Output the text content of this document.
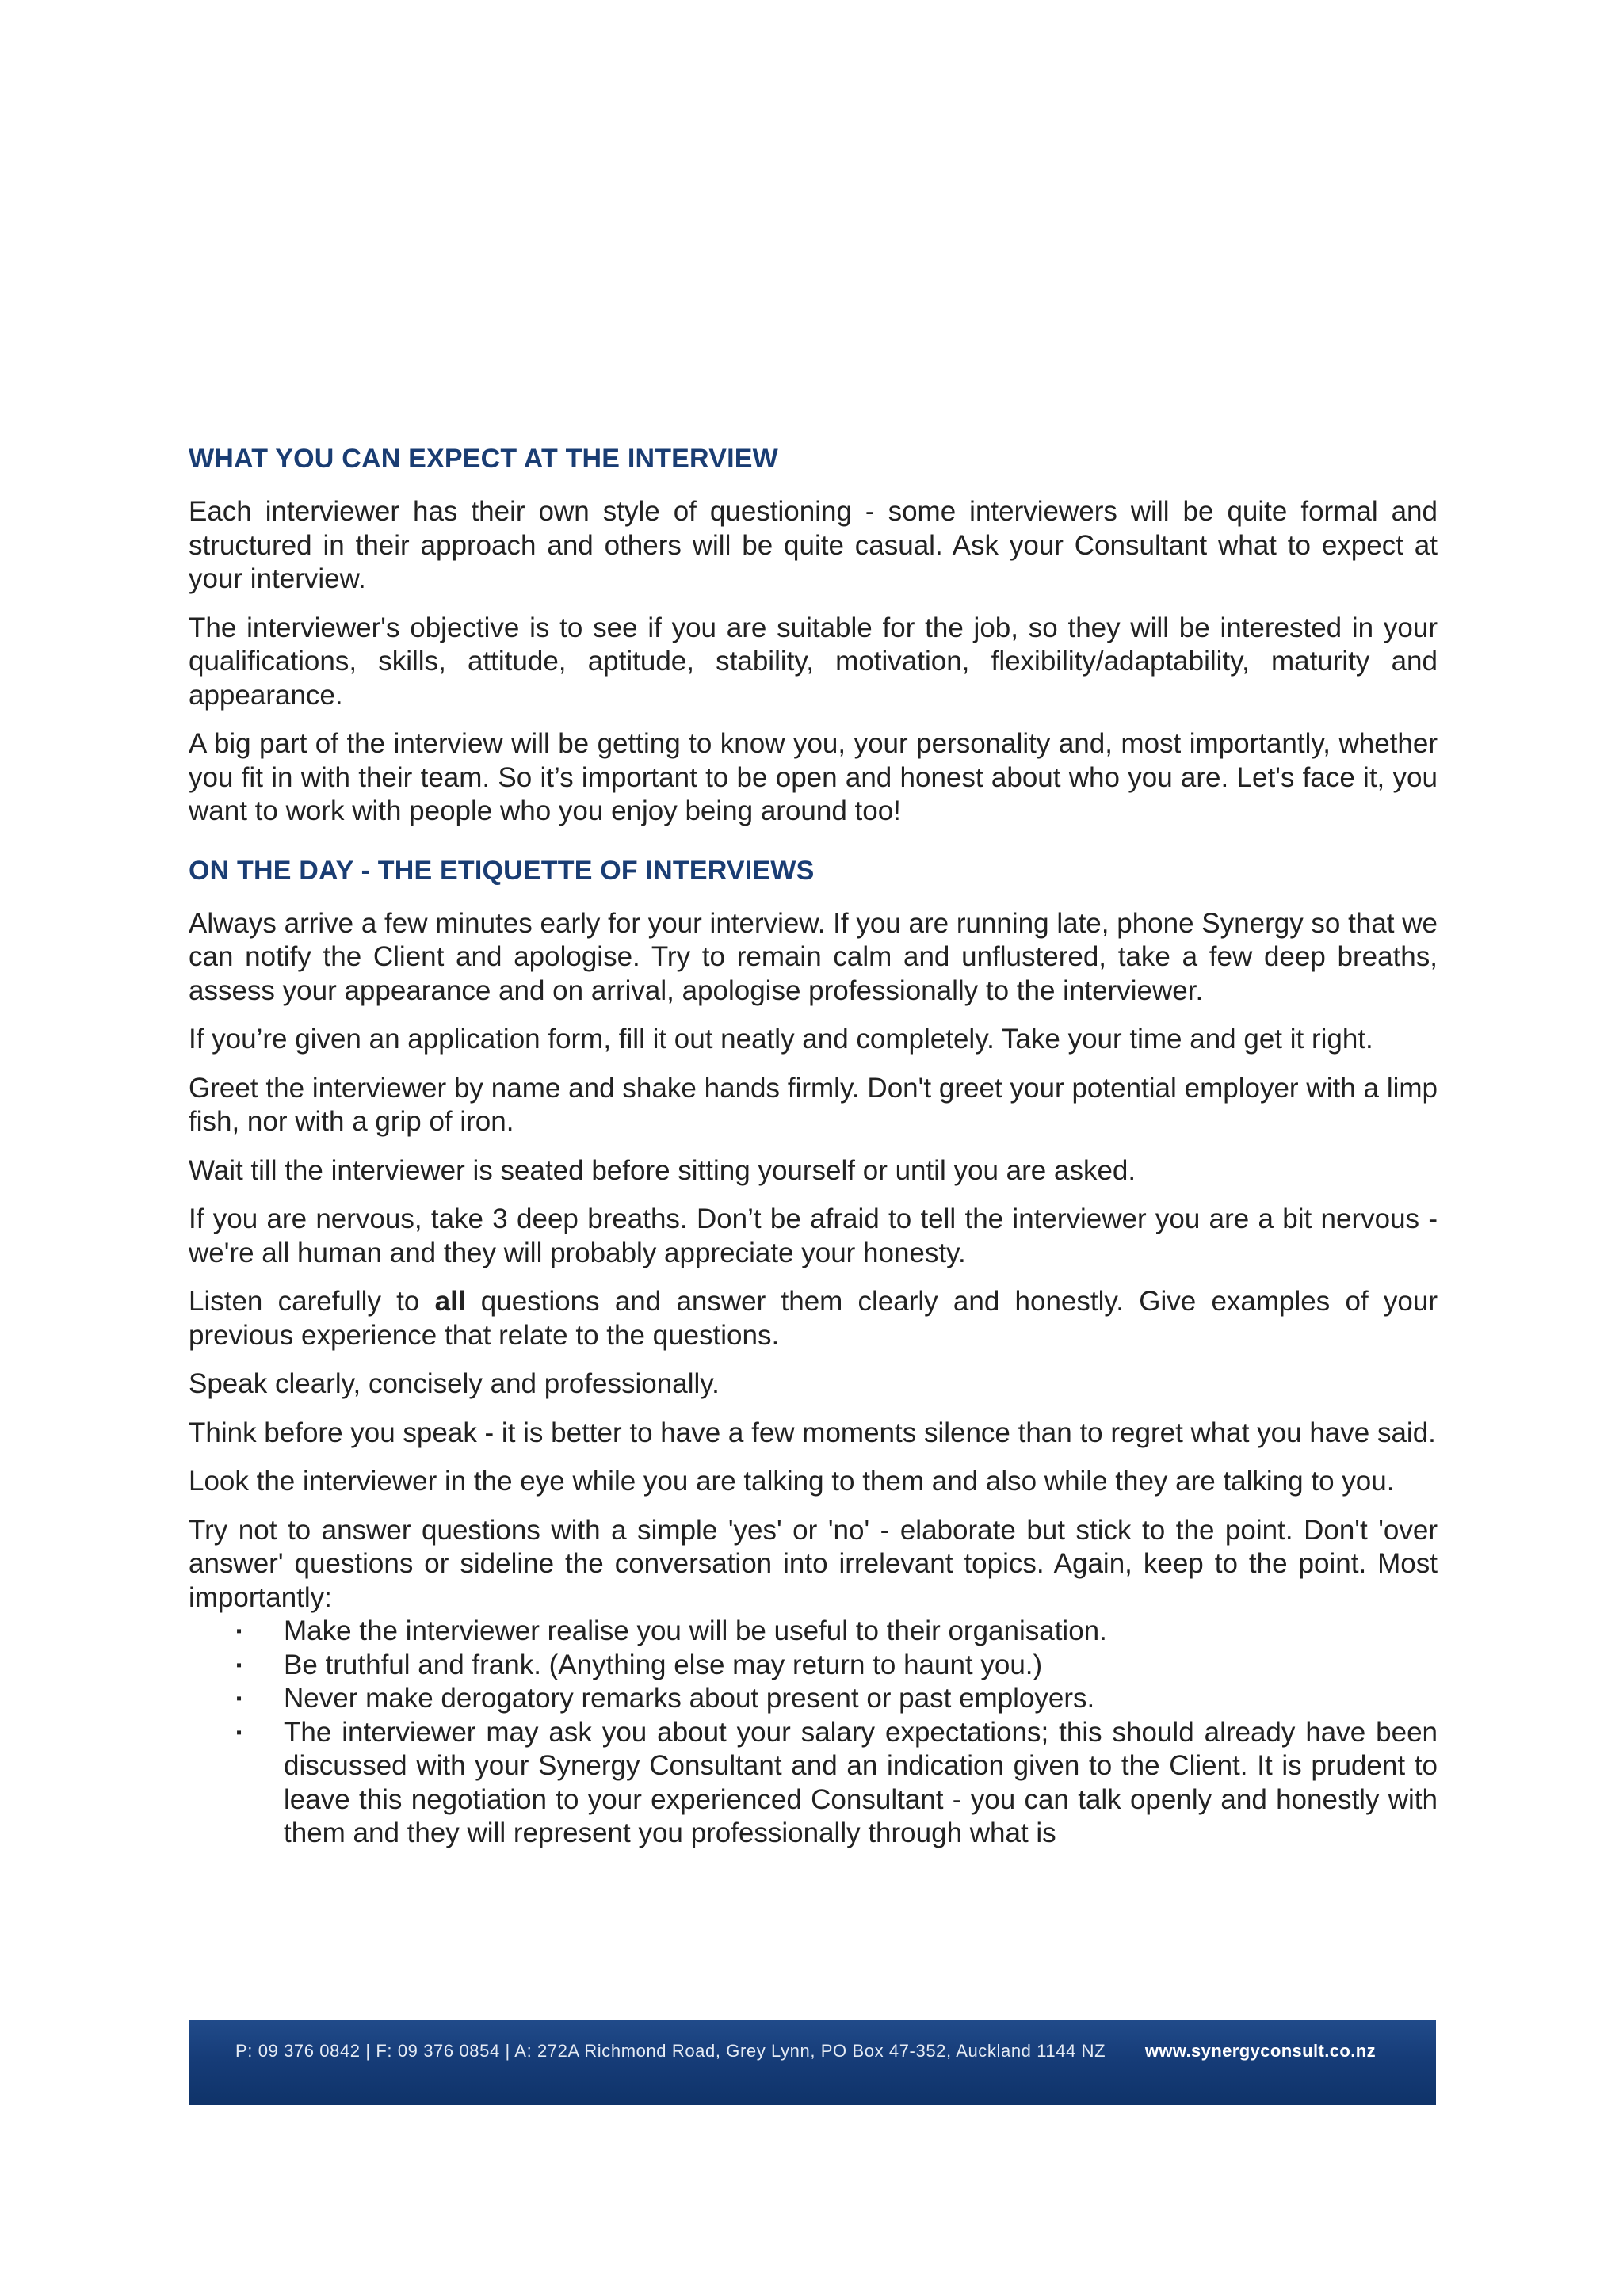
WHAT YOU CAN EXPECT AT THE INTERVIEW

Each interviewer has their own style of questioning - some interviewers will be quite formal and structured in their approach and others will be quite casual. Ask your Consultant what to expect at your interview.

The interviewer's objective is to see if you are suitable for the job, so they will be interested in your qualifications, skills, attitude, aptitude, stability, motivation, flexibility/adaptability, maturity and appearance.

A big part of the interview will be getting to know you, your personality and, most importantly, whether you fit in with their team. So it’s important to be open and honest about who you are. Let's face it, you want to work with people who you enjoy being around too!

ON THE DAY - THE ETIQUETTE OF INTERVIEWS

Always arrive a few minutes early for your interview. If you are running late, phone Synergy so that we can notify the Client and apologise. Try to remain calm and unflustered, take a few deep breaths, assess your appearance and on arrival, apologise professionally to the interviewer.

If you’re given an application form, fill it out neatly and completely. Take your time and get it right.

Greet the interviewer by name and shake hands firmly. Don't greet your potential employer with a limp fish, nor with a grip of iron.

Wait till the interviewer is seated before sitting yourself or until you are asked.

If you are nervous, take 3 deep breaths. Don’t be afraid to tell the interviewer you are a bit nervous - we're all human and they will probably appreciate your honesty.

Listen carefully to all questions and answer them clearly and honestly. Give examples of your previous experience that relate to the questions.

Speak clearly, concisely and professionally.

Think before you speak - it is better to have a few moments silence than to regret what you have said.

Look the interviewer in the eye while you are talking to them and also while they are talking to you.

Try not to answer questions with a simple 'yes' or 'no' - elaborate but stick to the point. Don't 'over answer' questions or sideline the conversation into irrelevant topics. Again, keep to the point. Most importantly:

▪ Make the interviewer realise you will be useful to their organisation.
▪ Be truthful and frank. (Anything else may return to haunt you.)
▪ Never make derogatory remarks about present or past employers.
▪ The interviewer may ask you about your salary expectations; this should already have been discussed with your Synergy Consultant and an indication given to the Client. It is prudent to leave this negotiation to your experienced Consultant - you can talk openly and honestly with them and they will represent you professionally through what is
P: 09 376 0842 | F: 09 376 0854 | A: 272A Richmond Road, Grey Lynn, PO Box 47-352, Auckland 1144 NZ www.synergyconsult.co.nz
